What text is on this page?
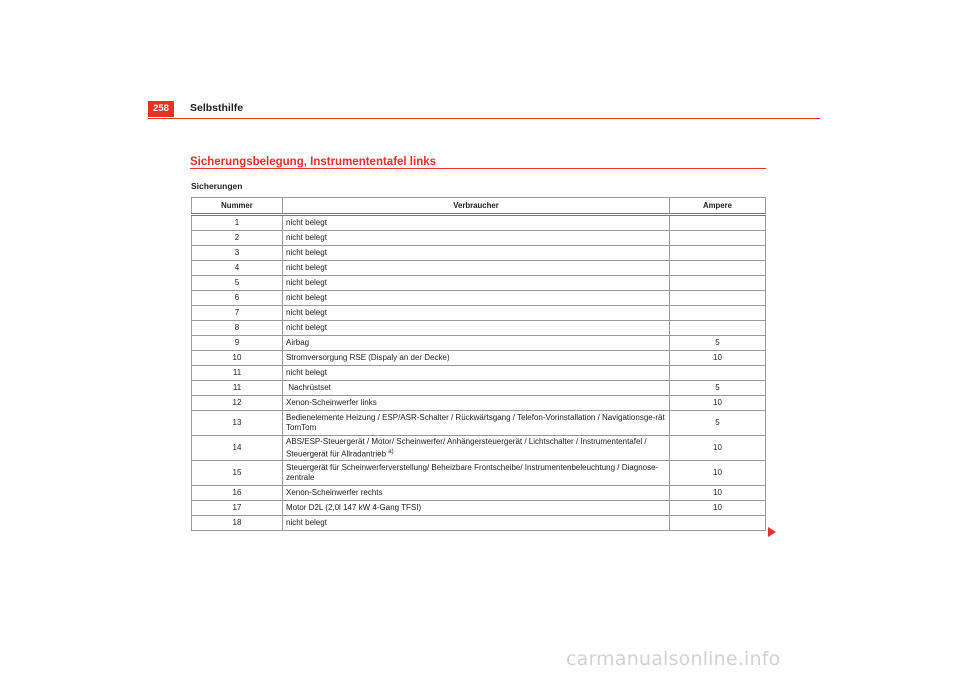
258	Selbsthilfe
Sicherungsbelegung, Instrumententafel links
Sicherungen
Nummer	Verbraucher	Ampere
1	nicht belegt	
2	nicht belegt	
3	nicht belegt	
4	nicht belegt	
5	nicht belegt	
6	nicht belegt	
7	nicht belegt	
8	nicht belegt	
9	Airbag	5
10	Stromversorgung RSE (Dispaly an der Decke)	10
11	nicht belegt	
11	Nachrüstset	5
12	Xenon-Scheinwerfer links	10
13	Bedienelemente Heizung / ESP/ASR-Schalter / Rückwärtsgang / Telefon-Vorinstallation / Navigationsge-rät TomTom	5
14	ABS/ESP-Steuergerät / Motor/ Scheinwerfer/ Anhängersteuergerät / Lichtschalter / Instrumententafel / Steuergerät für Allradantrieb $^{a)}$	10
15	Steuergerät für Scheinwerferverstellung/ Beheizbare Frontscheibe/ Instrumentenbeleuchtung / Diagnose-zentrale	10
16	Xenon-Scheinwerfer rechts	10
17	Motor D2L (2,0l 147 kW 4-Gang TFSI)	10
18	nicht belegt	
carmanualsonline.info
